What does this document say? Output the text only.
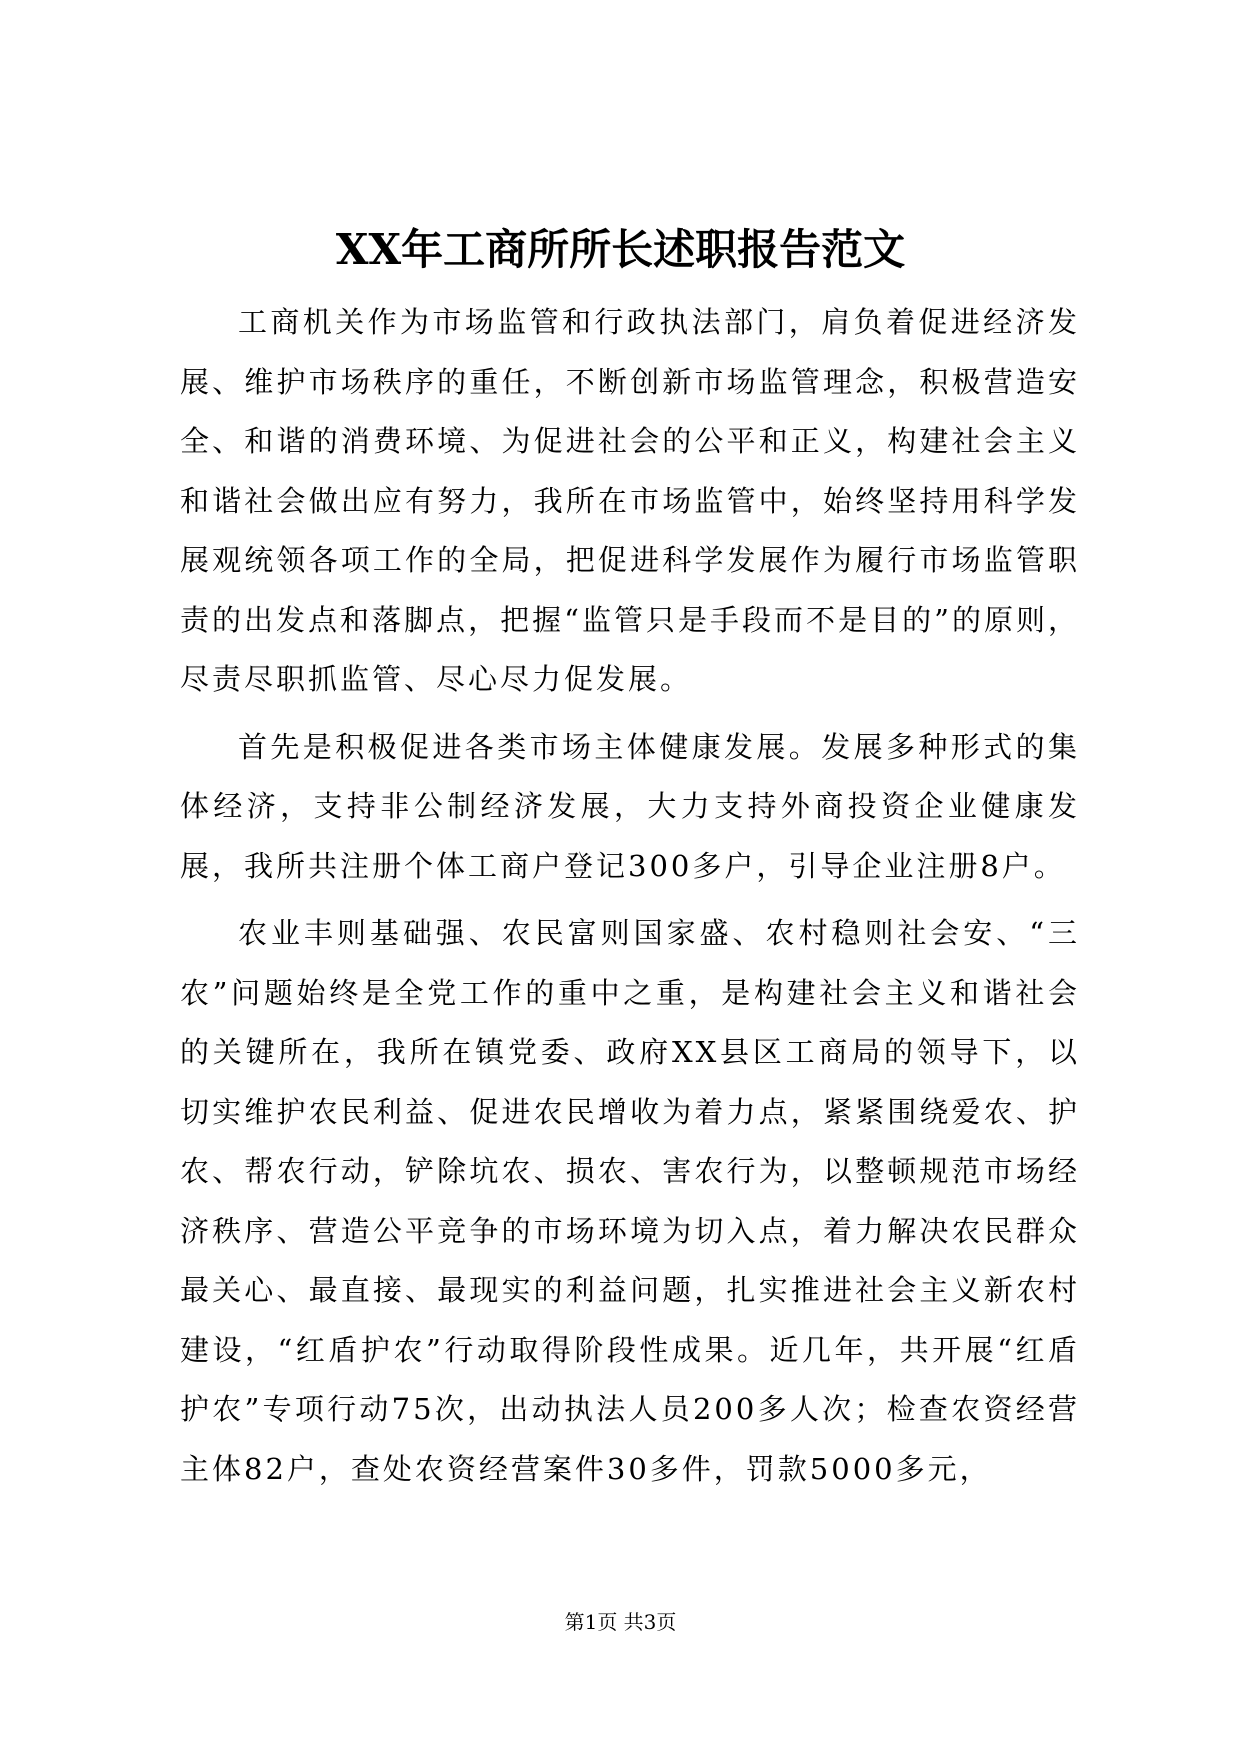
XX年工商所所长述职报告范文

工商机关作为市场监管和行政执法部门，肩负着促进经济发展、维护市场秩序的重任，不断创新市场监管理念，积极营造安全、和谐的消费环境、为促进社会的公平和正义，构建社会主义和谐社会做出应有努力，我所在市场监管中，始终坚持用科学发展观统领各项工作的全局，把促进科学发展作为履行市场监管职责的出发点和落脚点，把握“监管只是手段而不是目的”的原则，尽责尽职抓监管、尽心尽力促发展。

首先是积极促进各类市场主体健康发展。发展多种形式的集体经济，支持非公制经济发展，大力支持外商投资企业健康发展，我所共注册个体工商户登记300多户，引导企业注册8户。

农业丰则基础强、农民富则国家盛、农村稳则社会安、“三农”问题始终是全党工作的重中之重，是构建社会主义和谐社会的关键所在，我所在镇党委、政府XX县区工商局的领导下，以切实维护农民利益、促进农民增收为着力点，紧紧围绕爱农、护农、帮农行动，铲除坑农、损农、害农行为，以整顿规范市场经济秩序、营造公平竞争的市场环境为切入点，着力解决农民群众最关心、最直接、最现实的利益问题，扎实推进社会主义新农村建设，“红盾护农”行动取得阶段性成果。近几年，共开展“红盾护农”专项行动75次，出动执法人员200多人次；检查农资经营主体82户，查处农资经营案件30多件，罚款5000多元，

第1页 共3页
